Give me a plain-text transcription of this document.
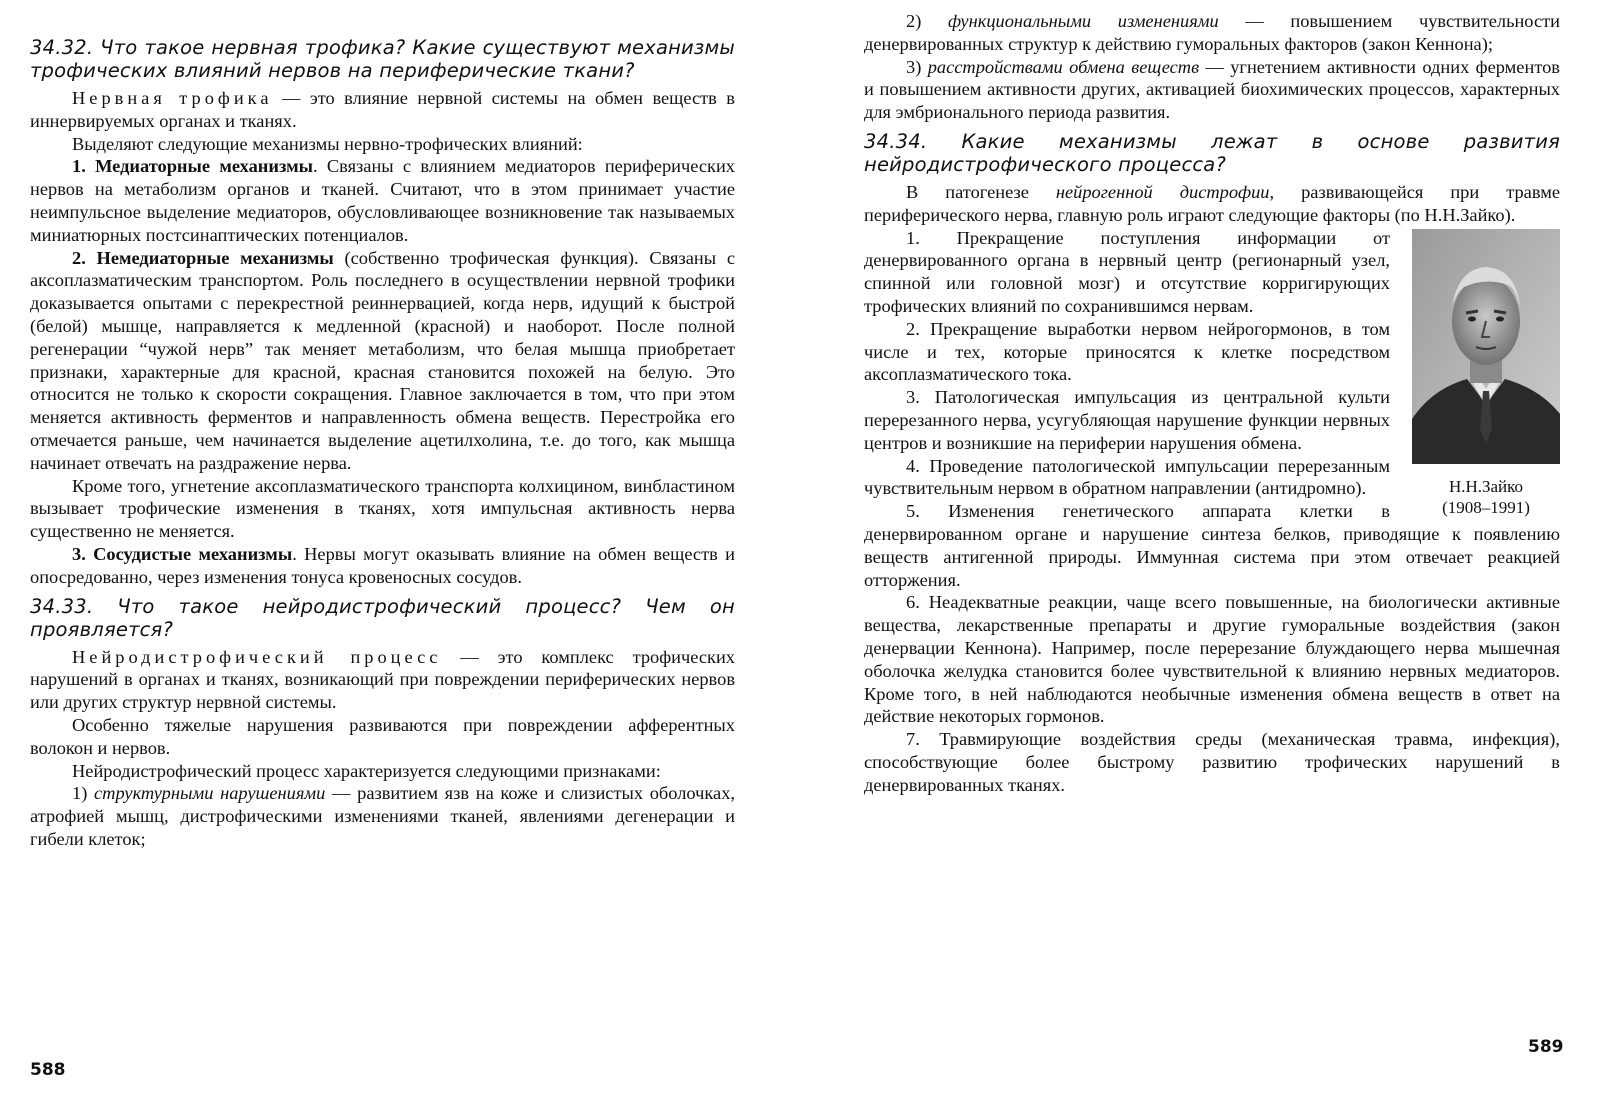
34.32. Что такое нервная трофика? Какие существуют механизмы трофических влияний нервов на периферические ткани?

Нервная трофика — это влияние нервной системы на обмен веществ в иннервируемых органах и тканях.

Выделяют следующие механизмы нервно-трофических влияний:

1. Медиаторные механизмы. Связаны с влиянием медиаторов периферических нервов на метаболизм органов и тканей. Считают, что в этом принимает участие неимпульсное выделение медиаторов, обусловливающее возникновение так называемых миниатюрных постсинаптических потенциалов.

2. Немедиаторные механизмы (собственно трофическая функция). Связаны с аксоплазматическим транспортом. Роль последнего в осуществлении нервной трофики доказывается опытами с перекрестной реиннервацией, когда нерв, идущий к быстрой (белой) мышце, направляется к медленной (красной) и наоборот. После полной регенерации “чужой нерв” так меняет метаболизм, что белая мышца приобретает признаки, характерные для красной, красная становится похожей на белую. Это относится не только к скорости сокращения. Главное заключается в том, что при этом меняется активность ферментов и направленность обмена веществ. Перестройка его отмечается раньше, чем начинается выделение ацетилхолина, т.е. до того, как мышца начинает отвечать на раздражение нерва.

Кроме того, угнетение аксоплазматического транспорта колхицином, винбластином вызывает трофические изменения в тканях, хотя импульсная активность нерва существенно не меняется.

3. Сосудистые механизмы. Нервы могут оказывать влияние на обмен веществ и опосредованно, через изменения тонуса кровеносных сосудов.

34.33. Что такое нейродистрофический процесс? Чем он проявляется?

Нейродистрофический процесс — это комплекс трофических нарушений в органах и тканях, возникающий при повреждении периферических нервов или других структур нервной системы.

Особенно тяжелые нарушения развиваются при повреждении афферентных волокон и нервов.

Нейродистрофический процесс характеризуется следующими признаками:

1) структурными нарушениями — развитием язв на коже и слизистых оболочках, атрофией мышц, дистрофическими изменениями тканей, явлениями дегенерации и гибели клеток;

588

2) функциональными изменениями — повышением чувствительности денервированных структур к действию гуморальных факторов (закон Кеннона);

3) расстройствами обмена веществ — угнетением активности одних ферментов и повышением активности других, активацией биохимических процессов, характерных для эмбрионального периода развития.

34.34. Какие механизмы лежат в основе развития нейродистрофического процесса?

В патогенезе нейрогенной дистрофии, развивающейся при травме периферического нерва, главную роль играют следующие факторы (по Н.Н.Зайко).

Н.Н.Зайко
(1908–1991)

1. Прекращение поступления информации от денервированного органа в нервный центр (регионарный узел, спинной или головной мозг) и отсутствие корригирующих трофических влияний по сохранившимся нервам.

2. Прекращение выработки нервом нейрогормонов, в том числе и тех, которые приносятся к клетке посредством аксоплазматического тока.

3. Патологическая импульсация из центральной культи перерезанного нерва, усугубляющая нарушение функции нервных центров и возникшие на периферии нарушения обмена.

4. Проведение патологической импульсации перерезанным чувствительным нервом в обратном направлении (антидромно).

5. Изменения генетического аппарата клетки в денервированном органе и нарушение синтеза белков, приводящие к появлению веществ антигенной природы. Иммунная система при этом отвечает реакцией отторжения.

6. Неадекватные реакции, чаще всего повышенные, на биологически активные вещества, лекарственные препараты и другие гуморальные воздействия (закон денервации Кеннона). Например, после перерезание блуждающего нерва мышечная оболочка желудка становится более чувствительной к влиянию нервных медиаторов. Кроме того, в ней наблюдаются необычные изменения обмена веществ в ответ на действие некоторых гормонов.

7. Травмирующие воздействия среды (механическая травма, инфекция), способствующие более быстрому развитию трофических нарушений в денервированных тканях.

589
